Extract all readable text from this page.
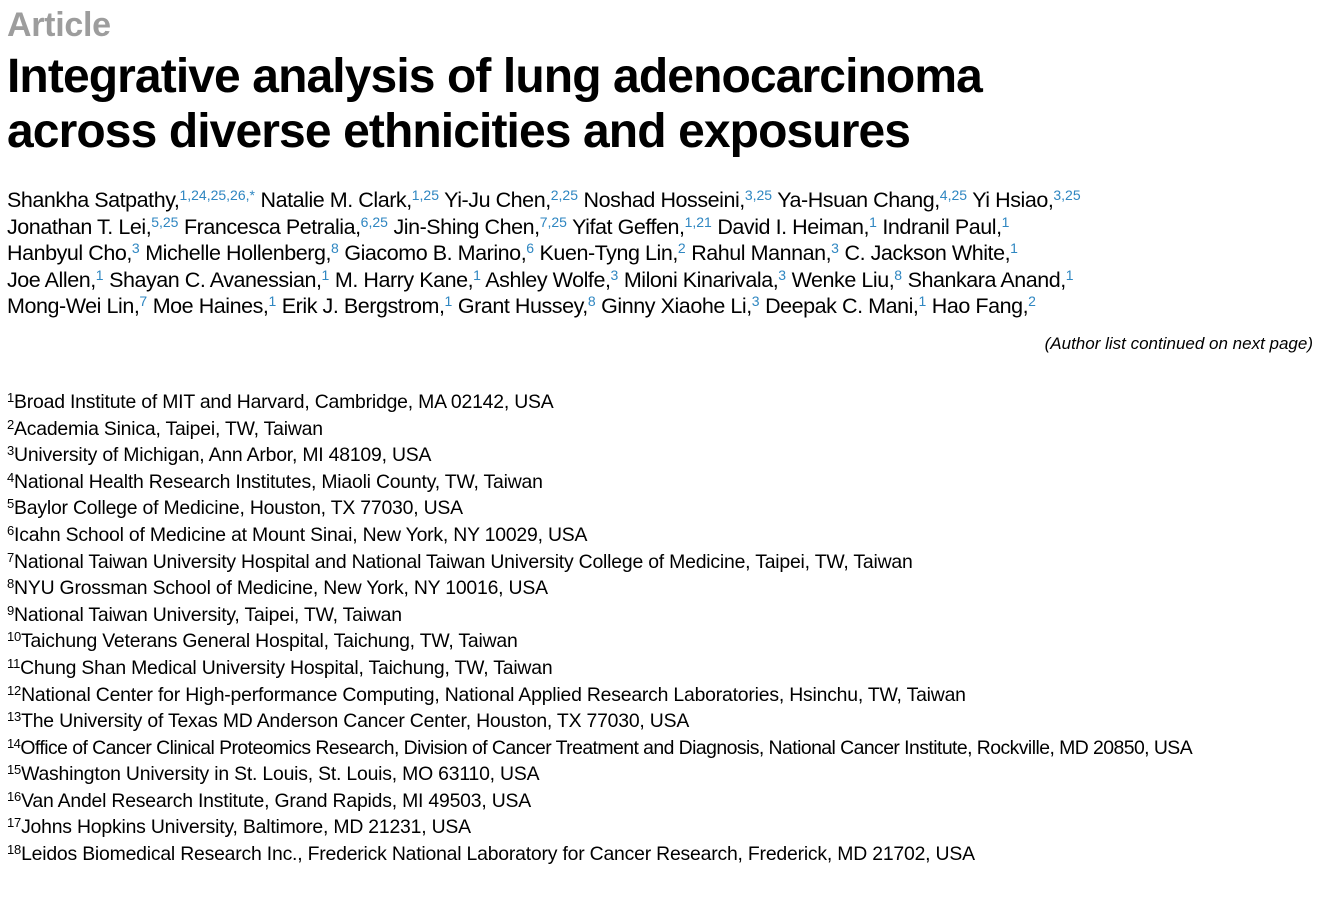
Article
Integrative analysis of lung adenocarcinoma
across diverse ethnicities and exposures
Shankha Satpathy,$^{1,24,25,26,*}$ Natalie M. Clark,$^{1,25}$ Yi-Ju Chen,$^{2,25}$ Noshad Hosseini,$^{3,25}$ Ya-Hsuan Chang,$^{4,25}$ Yi Hsiao,$^{3,25}$
Jonathan T. Lei,$^{5,25}$ Francesca Petralia,$^{6,25}$ Jin-Shing Chen,$^{7,25}$ Yifat Geffen,$^{1,21}$ David I. Heiman,$^1$ Indranil Paul,$^1$
Hanbyul Cho,$^3$ Michelle Hollenberg,$^8$ Giacomo B. Marino,$^6$ Kuen-Tyng Lin,$^2$ Rahul Mannan,$^3$ C. Jackson White,$^1$
Joe Allen,$^1$ Shayan C. Avanessian,$^1$ M. Harry Kane,$^1$ Ashley Wolfe,$^3$ Miloni Kinarivala,$^3$ Wenke Liu,$^8$ Shankara Anand,$^1$
Mong-Wei Lin,$^7$ Moe Haines,$^1$ Erik J. Bergstrom,$^1$ Grant Hussey,$^8$ Ginny Xiaohe Li,$^3$ Deepak C. Mani,$^1$ Hao Fang,$^2$
(Author list continued on next page)
$^1$Broad Institute of MIT and Harvard, Cambridge, MA 02142, USA
$^2$Academia Sinica, Taipei, TW, Taiwan
$^3$University of Michigan, Ann Arbor, MI 48109, USA
$^4$National Health Research Institutes, Miaoli County, TW, Taiwan
$^5$Baylor College of Medicine, Houston, TX 77030, USA
$^6$Icahn School of Medicine at Mount Sinai, New York, NY 10029, USA
$^7$National Taiwan University Hospital and National Taiwan University College of Medicine, Taipei, TW, Taiwan
$^8$NYU Grossman School of Medicine, New York, NY 10016, USA
$^9$National Taiwan University, Taipei, TW, Taiwan
$^{10}$Taichung Veterans General Hospital, Taichung, TW, Taiwan
$^{11}$Chung Shan Medical University Hospital, Taichung, TW, Taiwan
$^{12}$National Center for High-performance Computing, National Applied Research Laboratories, Hsinchu, TW, Taiwan
$^{13}$The University of Texas MD Anderson Cancer Center, Houston, TX 77030, USA
$^{14}$Office of Cancer Clinical Proteomics Research, Division of Cancer Treatment and Diagnosis, National Cancer Institute, Rockville, MD 20850, USA
$^{15}$Washington University in St. Louis, St. Louis, MO 63110, USA
$^{16}$Van Andel Research Institute, Grand Rapids, MI 49503, USA
$^{17}$Johns Hopkins University, Baltimore, MD 21231, USA
$^{18}$Leidos Biomedical Research Inc., Frederick National Laboratory for Cancer Research, Frederick, MD 21702, USA
